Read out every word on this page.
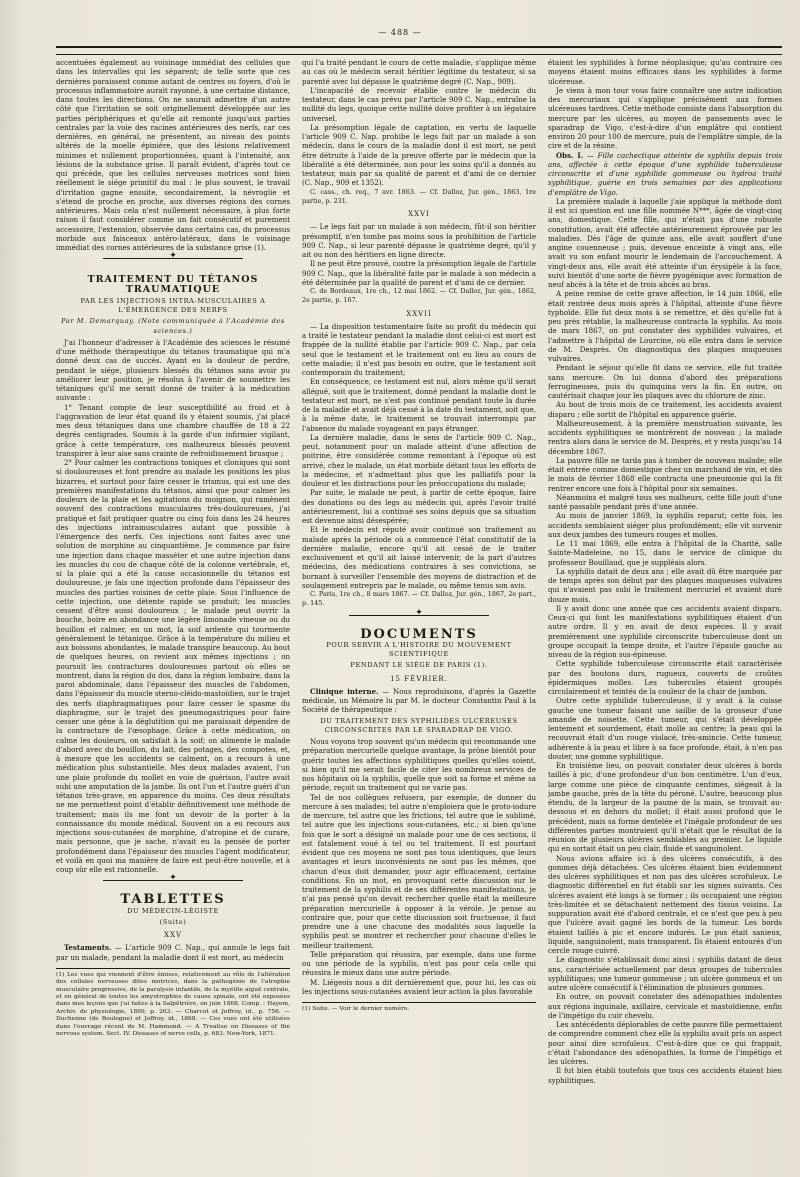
— 488 —

accentuées également au voisinage immédiat des cellules que dans les intervalles qui les séparent; de telle sorte que ces dernières paraissent comme autant de centres ou foyers, d'où le processus inflammatoire aurait rayonné, à une certaine distance, dans toutes les directions. On ne saurait admettre d'un autre côté que l'irritation se soit originellement développée sur les parties périphériques et qu'elle ait remonté jusqu'aux parties centrales par la voie des racines antérieures des nerfs, car ces dernières, en général, ne présentent, au niveau des points altérés de la moelle épinière, que des lésions relativement minimes et nullement proportionnées, quant à l'intensité, aux lésions de la substance grise. Il paraît évident, d'après tout ce qui précède, que les cellules nerveuses motrices sont bien réellement le siége primitif du mal : le plus souvent, le travail d'irritation gagne ensuite, secondairement, la névroglie et s'étend de proche en proche, aux diverses régions des cornes antérieures. Mais cela n'est nullement nécessaire, à plus forte raison il faut considérer comme un fait consécutif et purement accessoire, l'extension, observée dans certains cas, du processus morbide aux faisceaux antéro-latéraux, dans le voisinage immédiat des cornes antérieures de la substance grise (1).

✦
TRAITEMENT DU TÉTANOS TRAUMATIQUE
PAR LES INJECTIONS INTRA-MUSCULAIRES A L'ÉMERGENCE DES NERFS
Par M. Demarquay. (Note communiquée à l'Académie des sciences.)

J'ai l'honneur d'adresser à l'Académie des sciences le résumé d'une méthode thérapeutique du tétanos traumatique qui m'a donné deux cas de succès. Ayant eu la douleur de perdre, pendant le siége, plusieurs blessés du tétanos sans avoir pu améliorer leur position, je résolus à l'avenir de soumettre les tétaniques qu'il me serait donné de traiter à la médication suivante :

1° Tenant compte de leur susceptibilité au froid et à l'aggravation de leur état quand ils y étaient soumis, j'ai placé mes deux tétaniques dans une chambre chauffée de 18 à 22 degrés centigrades. Soumis à la garde d'un infirmier vigilant, grâce à cette température, ces malheureux blessés peuvent transpirer à leur aise sans crainte de refroidissement brusque ;

2° Pour calmer les contractions toniques et cloniques qui sont si douloureuses et font prendre au malade les positions les plus bizarres, et surtout pour faire cesser le trismus, qui est une des premières manifestations du tétanos, ainsi que pour calmer les douleurs de la plaie et les agitations du moignon, qui ramènent souvent des contractions musculaires très-douloureuses, j'ai pratiqué et fait pratiquer quatre ou cinq fois dans les 24 heures des injections intramusculaires autant que possible à l'émergence des nerfs. Ces injections sont faites avec une solution de morphine au cinquantième. Je commence par faire une injection dans chaque masséter et une autre injection dans les muscles du cou de chaque côté de la colonne vertébrale, et, si la plaie qui a été la cause occasionnelle du tétanos est douloureuse, je fais une injection profonde dans l'épaisseur des muscles des parties voisines de cette plaie. Sous l'influence de cette injection, une détente rapide se produit; les muscles cessent d'être aussi douloureux ; le malade peut ouvrir la bouche, boire en abondance une légère limonade vineuse ou du bouillon et calmer, en un mot, la soif ardente qui tourmente généralement le tétanique. Grâce à la température du milieu et aux boissons abondantes, le malade transpire beaucoup. Au bout de quelques heures, on revient aux mêmes injections ; on poursuit les contractures douloureuses partout où elles se montrent, dans la région du dos, dans la région lombaire, dans la paroi abdominale, dans l'épaisseur des muscles de l'abdomen, dans l'épaisseur du muscle sterno-cléido-mastoïdien, sur le trajet des nerfs diaphragmatiques pour faire cesser le spasme du diaphragme, sur le trajet des pneumogastriques pour faire cesser une gêne à la déglutition qui me paraissait dépendre de la contracture de l'œsophage. Grâce à cette médication, on calme les douleurs, on satisfait à la soif; on alimente le malade d'abord avec du bouillon, du lait, des potages, des compotes, et, à mesure que les accidents se calment, on a recours à une médication plus substantielle. Mes deux malades avaient, l'un une plaie profonde du mollet en voie de guérison, l'autre avait subi une amputation de la jambe. Ils ont l'un et l'autre guéri d'un tétanos très-grave, en apparence du moins. Ces deux résultats ne me permettent point d'établir définitivement une méthode de traitement; mais ils me font un devoir de la porter à la connaissance du monde médical. Souvent on a eu recours aux injections sous-cutanées de morphine, d'atropine et de curare, mais personne, que je sache, n'avait eu la pensée de porter profondément dans l'épaisseur des muscles l'agent modificateur, et voilà en quoi ma manière de faire est peut-être nouvelle, et à coup sûr elle est rationnelle.

✦
TABLETTES
DU MÉDECIN-LÉGISTE
(Suite)
XXV

Testaments. — L'article 909 C. Nap., qui annule le legs fait par un malade, pendant la maladie dont il est mort, au médecin

(1) Les vues qui viennent d'être émises, relativement au rôle de l'altération des cellules nerveuses dites motrices, dans la pathogénie de l'atrophie musculaire progressive, de la paralysie infantile, de la myélite aiguë centrale, et en général de toutes les amyotrophies de cause spinale, ont été exposées dans mes leçons que j'ai faites à la Salpêtrière, en juin 1868. Comp. : Hayem, Archiv. de physiologie, 1869, p. 263. — Charcot et Joffroy, id., p. 756. — Duchenne (de Boulogne) et Joffroy, id., 1868. — Ces vues ont été utilisées dans l'ouvrage récent de M. Hammond. — A Treatise on Diseases of the nervous system. Sect. IV. Diseases of nerve cells, p. 683. New-York, 1871.

qui l'a traité pendant le cours de cette maladie, s'applique même au cas où le médecin serait héritier légitime du testateur, si sa parenté avec lui dépasse le quatrième degré (C. Nap., 909).

L'incapacité de recevoir établie contre le médecin du testateur, dans le cas prévu par l'article 909 C. Nap., entraîne la nullité du legs, quoique cette nullité doive profiter à un légataire universel.

La présomption légale de captation, en vertu de laquelle l'article 909 C. Nap. prohibe le legs fait par un malade à son médecin, dans le cours de la maladie dont il est mort, ne peut être détruite à l'aide de la preuve offerte par le médecin que la libéralité a été déterminée, non pour les soins qu'il a donnés au testateur, mais par sa qualité de parent et d'ami de ce dernier (C. Nap., 909 et 1352).

C. cass., ch. req., 7 avr. 1863. — Cf. Dalloz, Jur. gén., 1863, 1re partie, p. 231.

XXVI

— Le legs fait par un malade à son médecin, fût-il son héritier présomptif, n'en tombe pas moins sous la prohibition de l'article 909 C. Nap., si leur parenté dépasse le quatrième degré, qu'il y ait ou non des héritiers en ligne directe.

Il ne peut être prouvé, contre la présomption légale de l'article 909 C. Nap., que la libéralité faite par le malade à son médecin a été déterminée par la qualité de parent et d'ami de ce dernier.

C. de Bordeaux, 1re ch., 12 mai 1862. — Cf. Dalloz, Jur. gén., 1862, 2e partie, p. 167.

XXVII

— La disposition testamentaire faite au profit du médecin qui a traité le testateur pendant la maladie dont celui-ci est mort est frappée de la nullité établie par l'article 909 C. Nap., par cela seul que le testament et le traitement ont eu lieu au cours de cette maladie; il n'est pas besoin en outre, que le testament soit contemporain du traitement;

En conséquence, ce testament est nul, alors même qu'il serait allégué, soit que le traitement, donné pendant la maladie dont le testateur est mort, ne s'est pas continué pendant toute la durée de la maladie et avait déjà cessé à la date du testament, soit que, à la même date, le traitement se trouvait interrompu par l'absence du malade voyageant en pays étranger.

La dernière maladie, dans le sens de l'article 909 C. Nap., peut, notamment pour un malade atteint d'une affection de poitrine, être considérée comme remontant à l'époque où est arrivé, chez le malade, un état morbide détant tous les efforts de la médecine, et n'admettant plus que les palliatifs pour la douleur et les distractions pour les préoccupations du malade;

Par suite, le malade ne peut, à partir de cette époque, faire des donations ou des legs au médecin qui, après l'avoir traité antérieurement, lui a continué ses soins depuis que sa situation est devenue ainsi désespérée;

Et le médecin est réputé avoir continué son traitement au malade après la période où a commencé l'état constitutif de la dernière maladie, encore qu'il ait cessé de le traiter exclusivement et qu'il ait laissé intervenir, de la part d'autres médecins, des médications contraires à ses convictions, se bornant à surveiller l'ensemble des moyens de distraction et de soulagement entrepris par le malade, ou même tenus son avis.

C. Paris, 1re ch., 8 mars 1867. — Cf. Dalloz, Jur. gén., 1867, 2e part., p. 145.

✦
DOCUMENTS
POUR SERVIR A L'HISTOIRE DU MOUVEMENT SCIENTIFIQUE
PENDANT LE SIÉGE DE PARIS (1).
15 FÉVRIER.

Clinique interne. — Nous reproduisons, d'après la Gazette médicale, un Mémoire lu par M. le docteur Constantin Paul à la Société de thérapeutique :

DU TRAITEMENT DES SYPHILIDES ULCÉREUSES CIRCONSCRITES PAR LE SPARADRAP DE VIGO.

Nous voyons trop souvent qu'un médecin qui recommande une préparation mercurielle quelque avantage, la prône bientôt pour guérir toutes les affections syphilitiques quelles qu'elles soient, si bien qu'il me serait facile de citer les nombreux services de nos hôpitaux où la syphilis, quelle que soit sa forme et même sa période, reçoit un traitement qui ne varie pas.

Tel de nos collègues refusera, par exemple, de donner du mercure à ses malades; tel autre n'emploiera que le proto-iodure de mercure, tel autre que les frictions, tel autre que le sublimé, tel autre que les injections sous-cutanées, etc.; si bien qu'une fois que le sort a désigné un malade pour une de ces sections, il est fatalement voué à tel ou tel traitement. Il est pourtant évident que ces moyens ne sont pas tous identiques, que leurs avantages et leurs inconvénients ne sont pas les mêmes, que chacun d'eux doit demander, pour agir efficacement, certaine conditions. En un mot, en provoquant cette discussion sur le traitement de la syphilis et de ses différentes manifestations, je n'ai pas pensé qu'on devait rechercher quelle était la meilleure préparation mercurielle à opposer à la vérole. Je pense au contraire que, pour que cette discussion soit fructueuse, il faut prendre une à une chacune des modalités sous laquelle la syphilis peut se montrer et rechercher pour chacune d'elles le meilleur traitement.

Telle préparation qui réussira, par exemple, dans une forme ou une période de la syphilis, n'est pas pour cela celle qui réussira le mieux dans une autre période.

M. Liégeois nous a dit dernièrement que, pour lui, les cas où les injections sous-cutanées avaient leur action la plus favorable

(1) Suite. — Voir le dernier numéro.

étaient les syphilides à forme néoplasique; qu'au contraire ces moyens étaient moins efficaces dans les syphilides à forme ulcéreuse.

Je viens à mon tour vous faire connaître une autre indication des mercuriaux qui s'applique précisément aux formes ulcéreuses tardives. Cette méthode consiste dans l'absorption du mercure par les ulcères, au moyen de pansements avec le sparadrap de Vigo, c'est-à-dire d'un emplâtre qui contient environ 20 pour 100 de mercure, puis de l'emplâtre simple, de la cire et de la résine.

Obs. I. — Fille cachectique atteinte de syphilis depuis trois ans, affectée à cette époque d'une syphilide tuberculeuse circonscrite et d'une syphilide gommeuse ou hydroa traité syphilitique, guérie en trois semaines par des applications d'emplâtre de Vigo.

La première malade à laquelle j'aie appliqué la méthode dont il est ici question est une fille nommée N***, âgée de vingt-cinq ans, domestique. Cette fille, qui n'était pas d'une robuste constitution, avait été affectée antérieurement éprouvée par les maladies. Dès l'âge de quinze ans, elle avait souffert d'une angine couenneuse ; puis, devenue enceinte à vingt ans, elle avait vu son enfant mourir le lendemain de l'accouchement. A vingt-deux ans, elle avait été atteinte d'un érysipèle à la face, suivi bientôt d'une sorte de fièvre pyogénique avec formation de neuf abcès à la tête et de trois abcès au bras.

A peine remise de cette grave affection, le 14 juin 1866, elle était rentrée deux mois après à l'hôpital, atteinte d'une fièvre typhoïde. Elle fut deux mois à se remettre, et dès qu'elle fut à peu près rétablie, la malheureuse contracta la syphilis. Au mois de mars 1867, on put constater des syphilides vulvaires, et l'admettre à l'hôpital de Lourcine, où elle entra dans le service de M. Desprès. On diagnostiqua des plaques muqueuses vulvaires.

Pendant le séjour qu'elle fit dans ce service, elle fut traitée sans mercure. On lui donna d'abord des préparations ferrugineuses, puis du quinquina vers la fin. En outre, on cautérisait chaque jour les plaques avec du chlorure de zinc.

Au bout de trois mois de ce traitement, les accidents avaient disparu ; elle sortit de l'hôpital en apparence guérie.

Malheureusement, à la première menstruation suivante, les accidents syphilitiques se montrèrent de nouveau ; la malade rentra alors dans le service de M. Desprès, et y resta jusqu'au 14 décembre 1867.

La pauvre fille ne tarda pas à tomber de nouveau malade; elle était entrée comme domestique chez un marchand de vin, et dès le mois de février 1868 elle contracta une pneumonie qui la fit rentrer encore une fois à l'hôpital pour six semaines.

Néanmoins et malgré tous ses malheurs, cette fille jouit d'une santé passable pendant près d'une année.

Au mois de janvier 1869, la syphilis reparut; cette fois, les accidents semblaient siéger plus profondément; elle vit survenir aux deux jambes des tumeurs rouges et molles.

Le 11 mai 1869, elle entra à l'hôpital de la Charité, salle Sainte-Madeleine, no 15, dans le service de clinique du professeur Bouillaud, que je suppléais alors.

La syphilis datait de deux ans ; elle avait dû être marquée par de temps après son début par des plaques muqueuses vulvaires qui n'avaient pas subi le traitement mercuriel et avaient duré douze mois.

Il y avait donc une année que ces accidents avaient disparu. Ceux-ci qui font les manifestations syphilitiques étaient d'un autre ordre. Il y en avait de deux espèces. Il y avait premièrement une syphilide circonscrite tuberculeuse dont un groupe occupait la tempe droite, et l'autre l'épaule gauche au niveau de la région sus-épineuse.

Cette syphilide tuberculeuse circonscrite était caractérisée par des boutons durs, rugueux, couverts de croûtes épidermiques molles. Les tubercules étaient groupés circulairement et teintés de la couleur de la chair de jambon.

Outre cette syphilide tuberculeuse, il y avait à la cuisse gauche une tumeur faisant une saillie de la grosseur d'une amande de noisette. Cette tumeur, qui s'était développée lentement et sourdement, était molle au centre; la peau qui la recouvrait était d'un rouge violacé, très-amincie. Cette tumeur, adhérente à la peau et libre à sa face profonde, était, à n'en pas douter, une gomme syphilitique.

En troisième lieu, on pouvait constater deux ulcères à bords taillés à pic, d'une profondeur d'un bon centimètre. L'un d'eux, large comme une pièce de cinquante centimes, siégeait à la jambe gauche, près de la tête du péroné. L'autre, beaucoup plus étendu, de la largeur de la paume de la main, se trouvait au-dessous et en dehors du mollet; il était aussi profond que le précédent, mais sa forme dentelée et l'inégale profondeur de ses différentes parties montraient qu'il n'était que le résultat de la réunion de plusieurs ulcères semblables au premier. Le liquide qui en sortait était un peu clair, fluide et sanguinolent.

Nous avions affaire ici à des ulcères consécutifs, à des gommes déjà détachées. Ces ulcères étaient bien évidemment des ulcères syphilitiques et non pas des ulcères scrofuleux. Le diagnostic différentiel en fut établi sur les signes suivants. Ces ulcères avaient été longs à se former ; ils occupaient une région très-limitée et se détachaient nettement des tissus voisins. La suppuration avait été d'abord centrale, et ce n'est que peu à peu que l'ulcère avait gagné les bords de la tumeur. Les bords étaient taillés à pic et encore indurés. Le pus était sanieux, liquide, sanguinolent, mais transparent. Ils étaient entourés d'un cercle rouge cuivré.

Le diagnostic s'établissait donc ainsi : syphilis datant de deux ans, caractérisée actuellement par deux groupes de tubercules syphilitiques; une tumeur gommeuse ; un ulcère gommeux et un autre ulcère consécutif à l'élimination de plusieurs gommes.

En outre, on pouvait constater des adénopathies indolentes aux régions inguinale, axillaire, cervicale et mastoïdienne, enfin de l'impétigo du cuir chevelu.

Les antécédents déplorables de cette pauvre fille permettaient de comprendre comment chez elle la syphilis avait pris un aspect pour ainsi dire scrofuleux. C'est-à-dire que ce qui frappait, c'était l'abondance des adénopathies, la forme de l'impétigo et les ulcères.

Il fut bien établi toutefois que tous ces accidents étaient bien syphilitiques.
